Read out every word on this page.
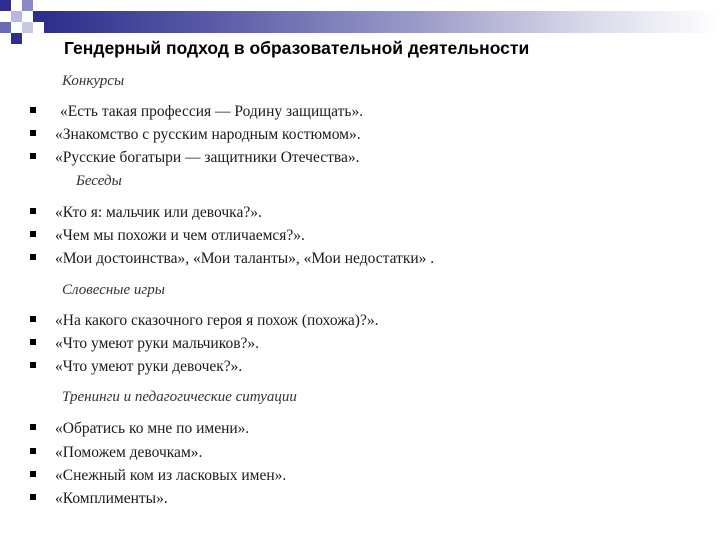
Гендерный подход в образовательной деятельности
Конкурсы
«Есть такая профессия — Родину защищать».
«Знакомство с русским народным костюмом».
«Русские богатыри — защитники Отечества».
Беседы
«Кто я: мальчик или девочка?».
«Чем мы похожи и чем отличаемся?».
«Мои достоинства», «Мои таланты», «Мои недостатки» .
Словесные игры
«На какого сказочного героя я похож (похожа)?».
«Что умеют руки мальчиков?».
«Что умеют руки девочек?».
Тренинги и педагогические ситуации
«Обратись ко мне по имени».
«Поможем девочкам».
«Снежный ком из ласковых имен».
«Комплименты».
